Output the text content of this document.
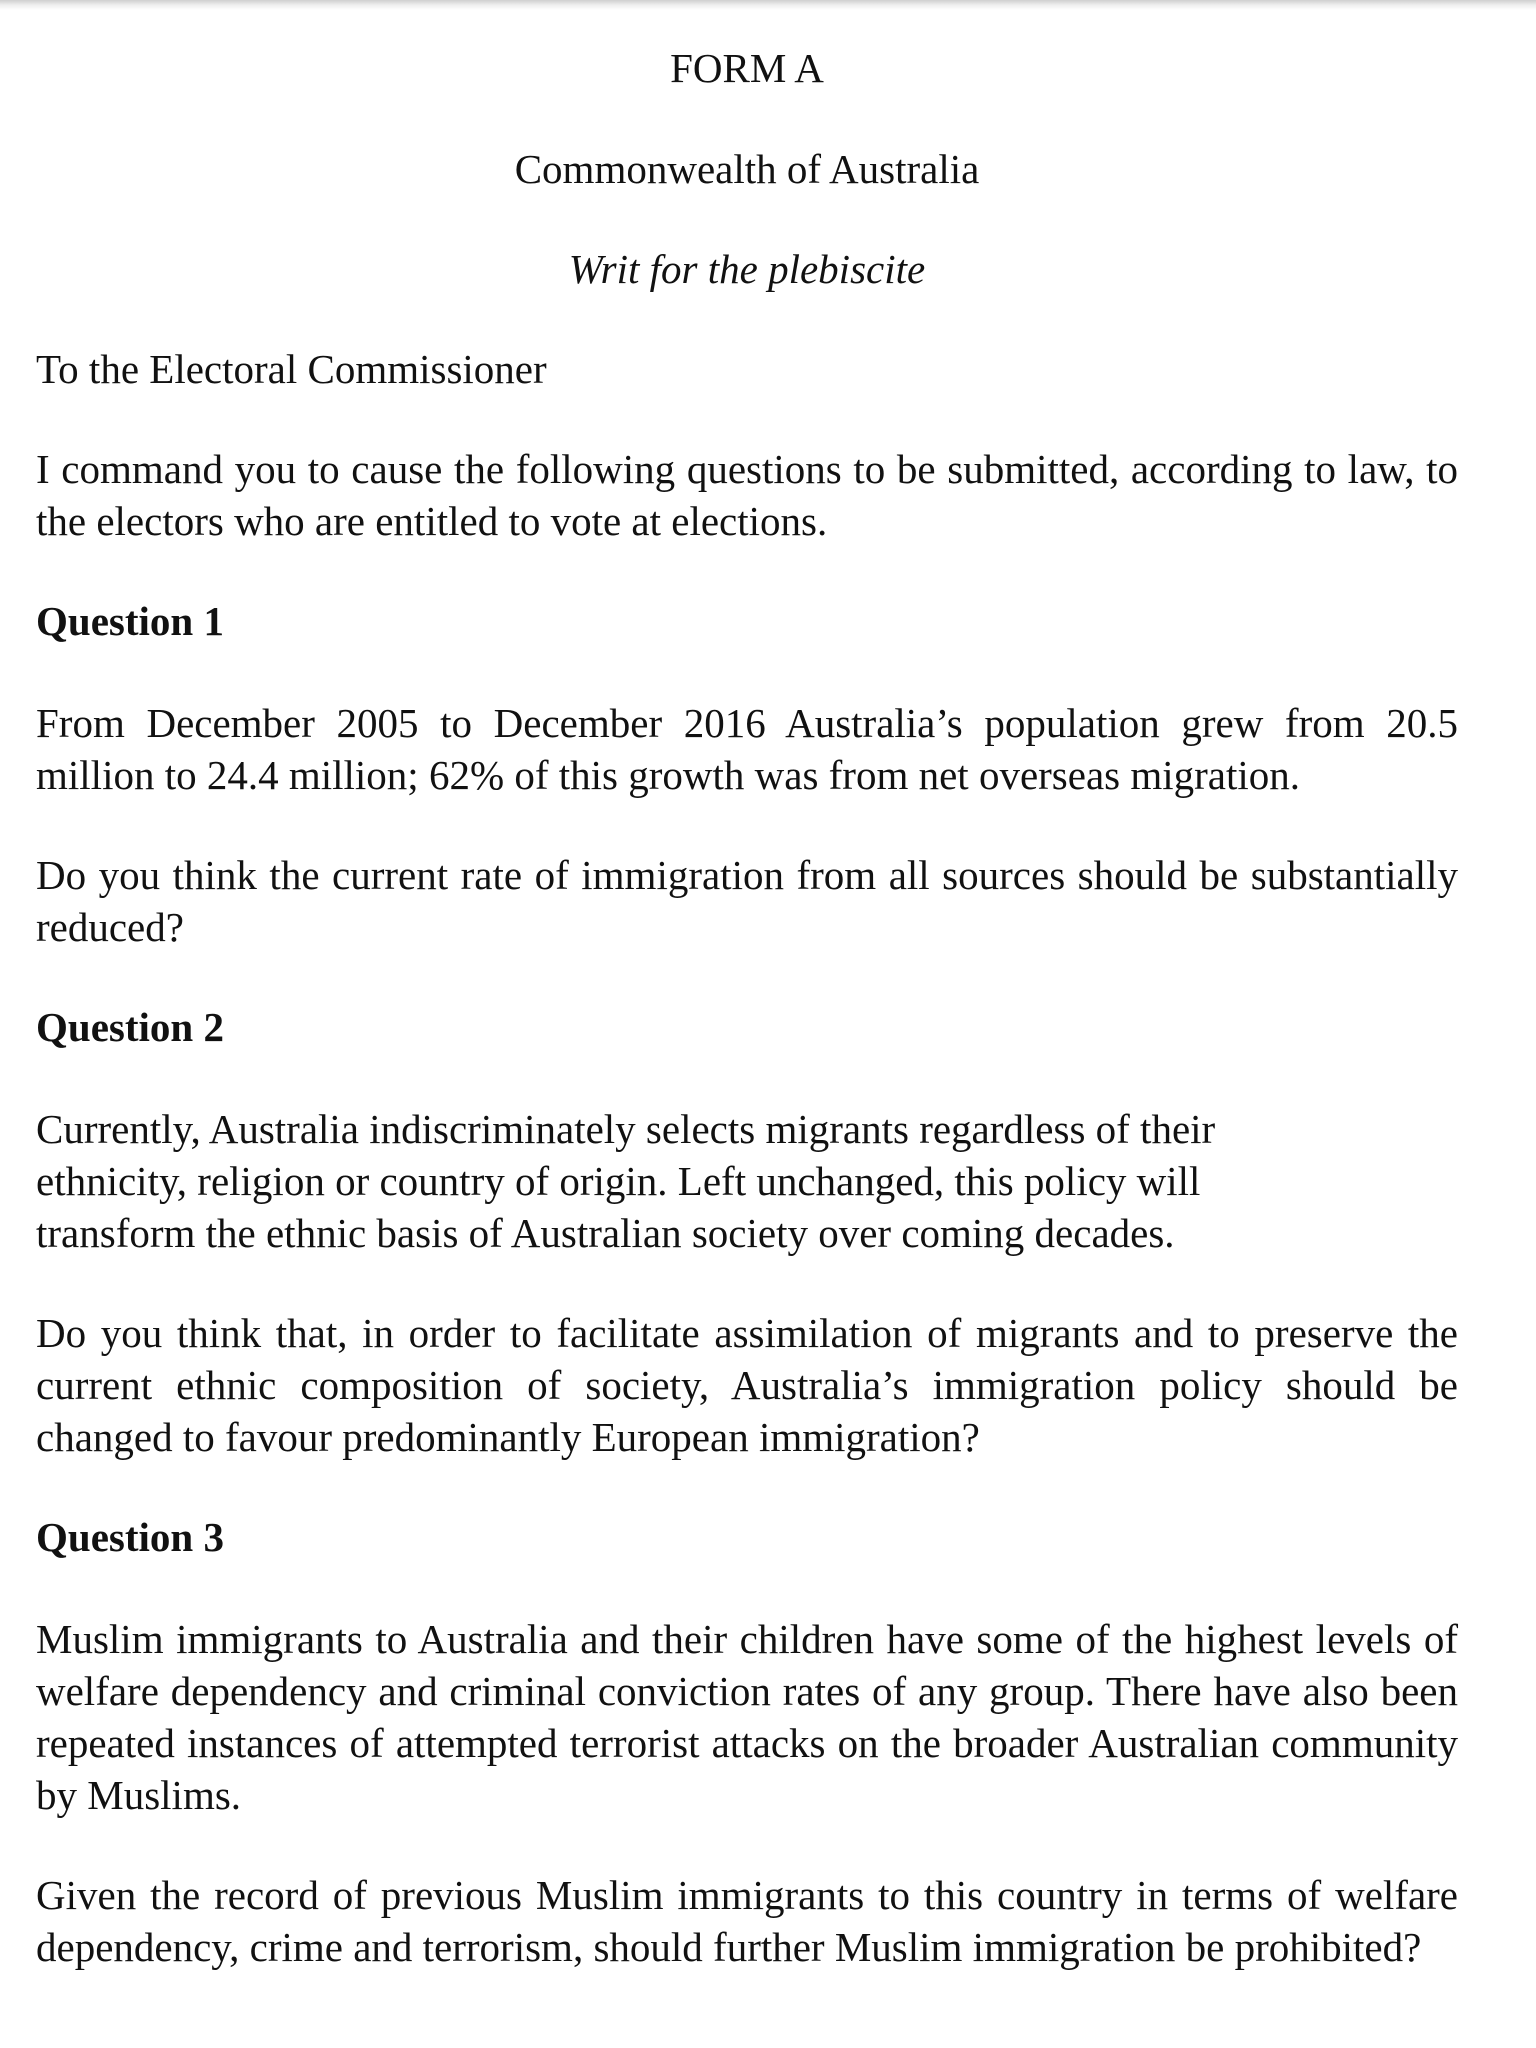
FORM A

Commonwealth of Australia

Writ for the plebiscite

To the Electoral Commissioner

I command you to cause the following questions to be submitted, according to law, to the electors who are entitled to vote at elections.

Question 1

From December 2005 to December 2016 Australia’s population grew from 20.5 million to 24.4 million; 62% of this growth was from net overseas migration.

Do you think the current rate of immigration from all sources should be substantially reduced?

Question 2

Currently, Australia indiscriminately selects migrants regardless of their ethnicity, religion or country of origin. Left unchanged, this policy will transform the ethnic basis of Australian society over coming decades.

Do you think that, in order to facilitate assimilation of migrants and to preserve the current ethnic composition of society, Australia’s immigration policy should be changed to favour predominantly European immigration?

Question 3

Muslim immigrants to Australia and their children have some of the highest levels of welfare dependency and criminal conviction rates of any group. There have also been repeated instances of attempted terrorist attacks on the broader Australian community by Muslims.

Given the record of previous Muslim immigrants to this country in terms of welfare dependency, crime and terrorism, should further Muslim immigration be prohibited?
